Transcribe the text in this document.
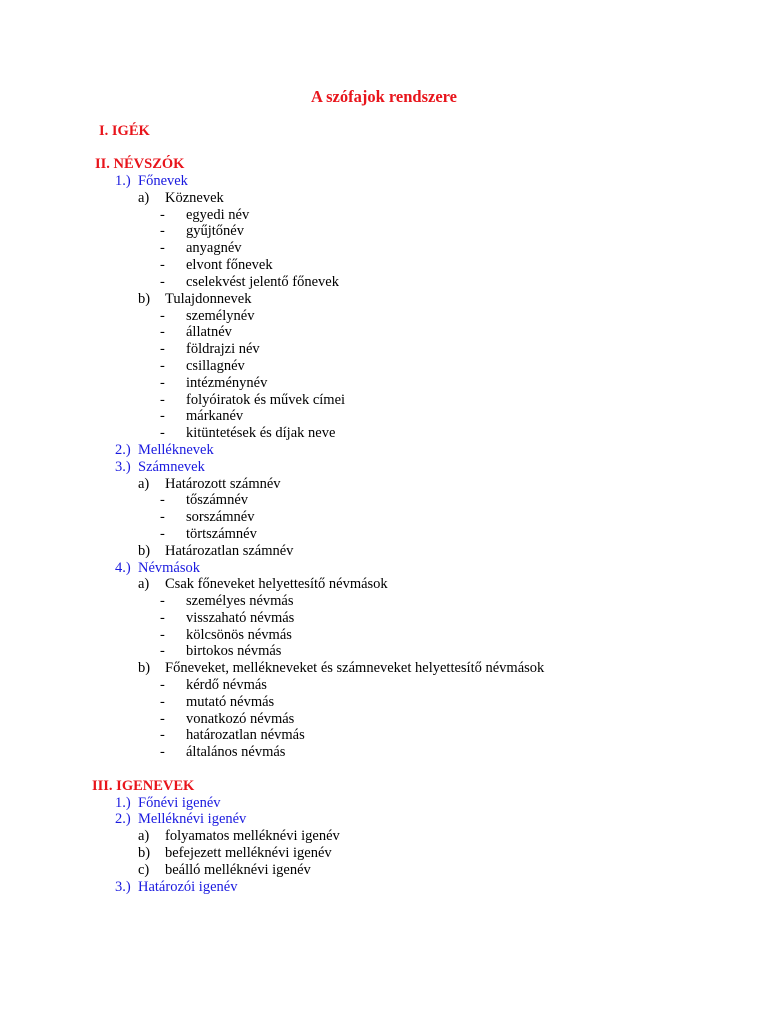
A szófajok rendszere
I. IGÉK
II. NÉVSZÓK
1.) Főnevek
a) Köznevek
- egyedi név
- gyűjtőnév
- anyagnév
- elvont főnevek
- cselekvést jelentő főnevek
b) Tulajdonnevek
- személynév
- állatnév
- földrajzi név
- csillagnév
- intézménynév
- folyóiratok és művek címei
- márkanév
- kitüntetések és díjak neve
2.) Melléknevek
3.) Számnevek
a) Határozott számnév
- tőszámnév
- sorszámnév
- törtszámnév
b) Határozatlan számnév
4.) Névmások
a) Csak főneveket helyettesítő névmások
- személyes névmás
- visszaható névmás
- kölcsönös névmás
- birtokos névmás
b) Főneveket, mellékneveket és számneveket helyettesítő névmások
- kérdő névmás
- mutató névmás
- vonatkozó névmás
- határozatlan névmás
- általános névmás
III. IGENEVEK
1.) Főnévi igenév
2.) Melléknévi igenév
a) folyamatos melléknévi igenév
b) befejezett melléknévi igenév
c) beálló melléknévi igenév
3.) Határozói igenév
